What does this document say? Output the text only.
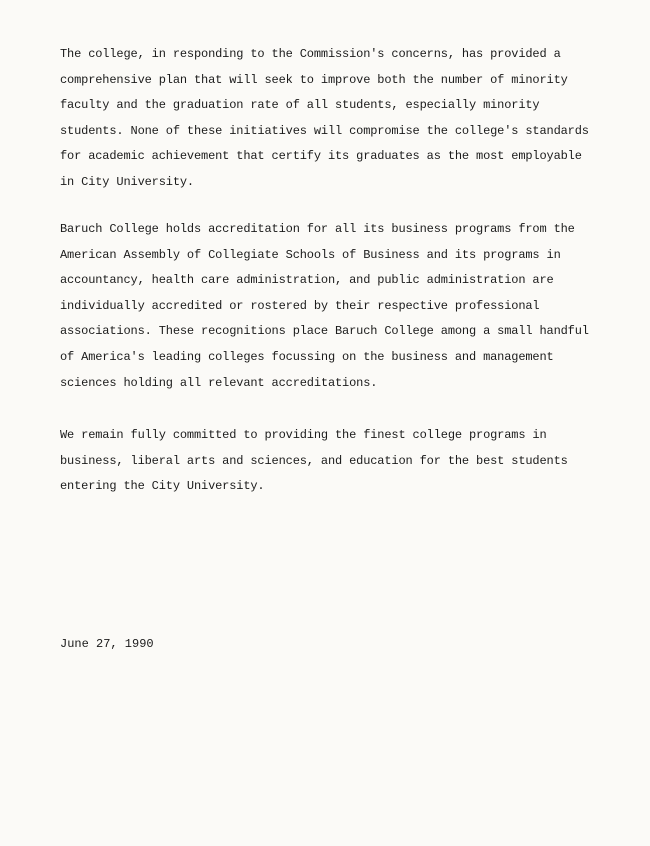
The college, in responding to the Commission's concerns, has provided a comprehensive plan that will seek to improve both the number of minority faculty and the graduation rate of all students, especially minority students. None of these initiatives will compromise the college's standards for academic achievement that certify its graduates as the most employable in City University.

Baruch College holds accreditation for all its business programs from the American Assembly of Collegiate Schools of Business and its programs in accountancy, health care administration, and public administration are individually accredited or rostered by their respective professional associations. These recognitions place Baruch College among a small handful of America's leading colleges focussing on the business and management sciences holding all relevant accreditations.

We remain fully committed to providing the finest college programs in business, liberal arts and sciences, and education for the best students entering the City University.

June 27, 1990
